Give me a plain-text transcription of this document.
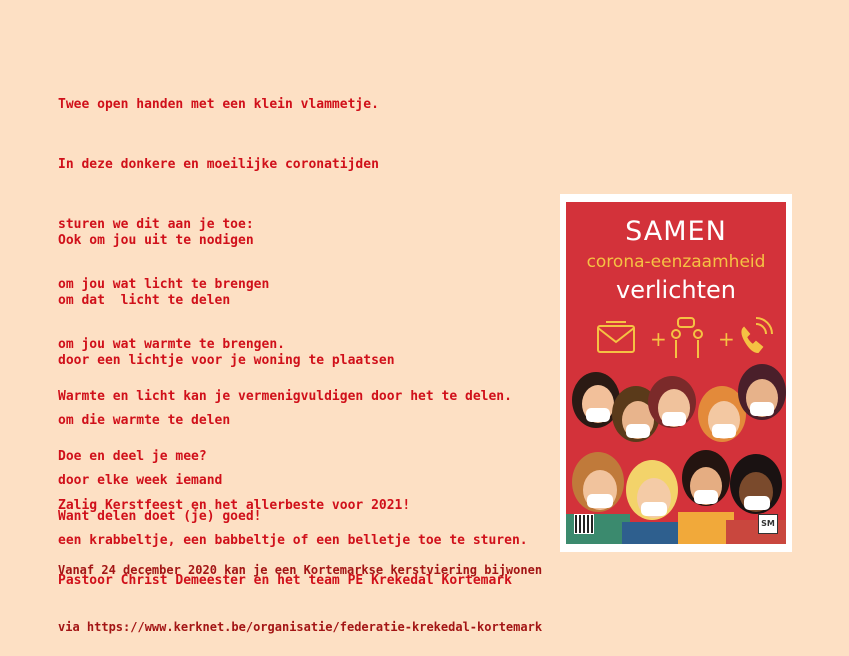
Twee open handen met een klein vlammetje.

In deze donkere en moeilijke coronatijden

sturen we dit aan je toe:

om jou wat licht te brengen

om jou wat warmte te brengen.

Ook om jou uit te nodigen

om dat  licht te delen

door een lichtje voor je woning te plaatsen

om die warmte te delen

door elke week iemand

een krabbeltje, een babbeltje of een belletje toe te sturen.

Warmte en licht kan je vermenigvuldigen door het te delen.

Doe en deel je mee?

Want delen doet (je) goed!

Zalig Kerstfeest en het allerbeste voor 2021!

Pastoor Christ Demeester en het team PE Krekedal Kortemark

Vanaf 24 december 2020 kan je een Kortemarkse kerstviering bijwonen

via https://www.kerknet.be/organisatie/federatie-krekedal-kortemark

SAMEN
corona-eenzaamheid
verlichten
+	+
SM
